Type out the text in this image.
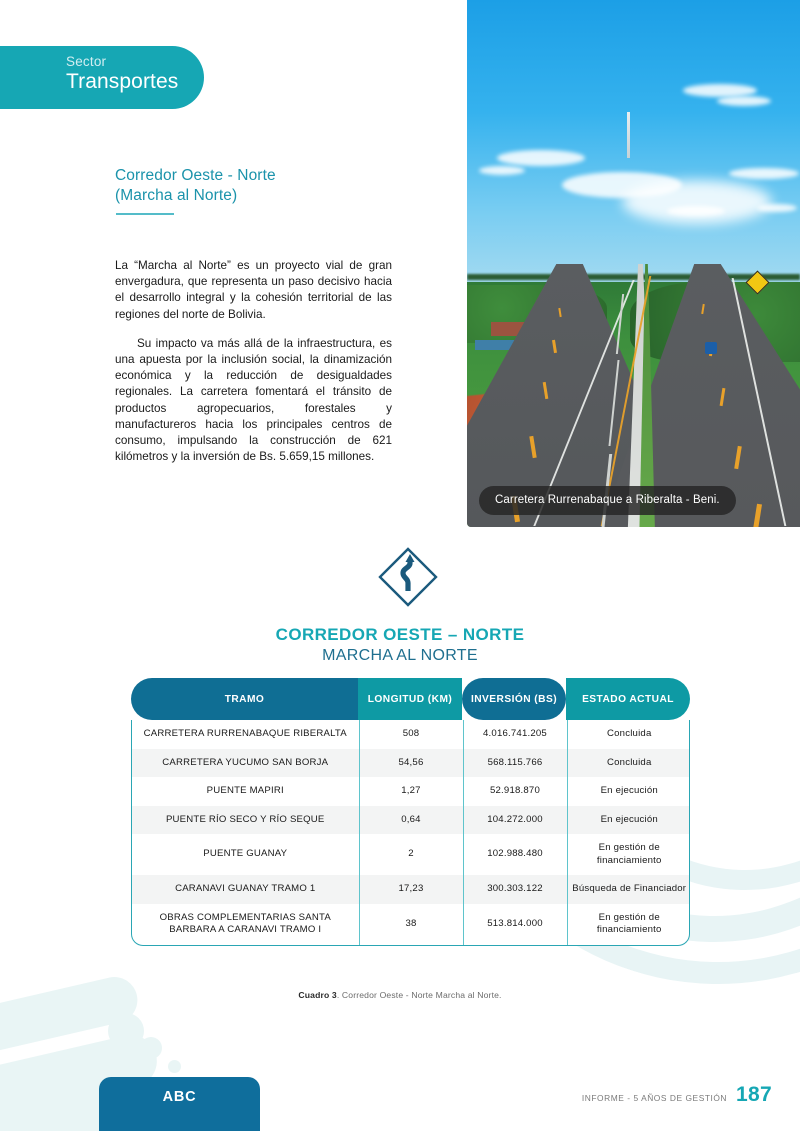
Sector
Transportes
Carretera Rurrenabaque a Riberalta - Beni.
Corredor Oeste - Norte
(Marcha al Norte)

La “Marcha al Norte” es un proyecto vial de gran envergadura, que representa un paso decisivo hacia el desarrollo integral y la cohesión territorial de las regiones del norte de Bolivia.

Su impacto va más allá de la infraestructura, es una apuesta por la inclusión social, la dinamización económica y la reducción de desigualdades regionales. La carretera fomentará el tránsito de productos agropecuarios, forestales y manufactureros hacia los principales centros de consumo, impulsando la construcción de 621 kilómetros y la inversión de Bs. 5.659,15 millones.

CORREDOR OESTE – NORTE
MARCHA AL NORTE
TRAMO	LONGITUD (KM)	INVERSIÓN (BS)	ESTADO ACTUAL
CARRETERA RURRENABAQUE RIBERALTA	508	4.016.741.205	Concluida
CARRETERA YUCUMO SAN BORJA	54,56	568.115.766	Concluida
PUENTE MAPIRI	1,27	52.918.870	En ejecución
PUENTE RÍO SECO Y RÍO SEQUE	0,64	104.272.000	En ejecución
PUENTE GUANAY	2	102.988.480	En gestión de financiamiento
CARANAVI GUANAY TRAMO 1	17,23	300.303.122	Búsqueda de Financiador
OBRAS COMPLEMENTARIAS SANTA BARBARA A CARANAVI TRAMO I	38	513.814.000	En gestión de financiamiento
Cuadro 3. Corredor Oeste - Norte Marcha al Norte.
ABC	INFORME - 5 AÑOS DE GESTIÓN 187
